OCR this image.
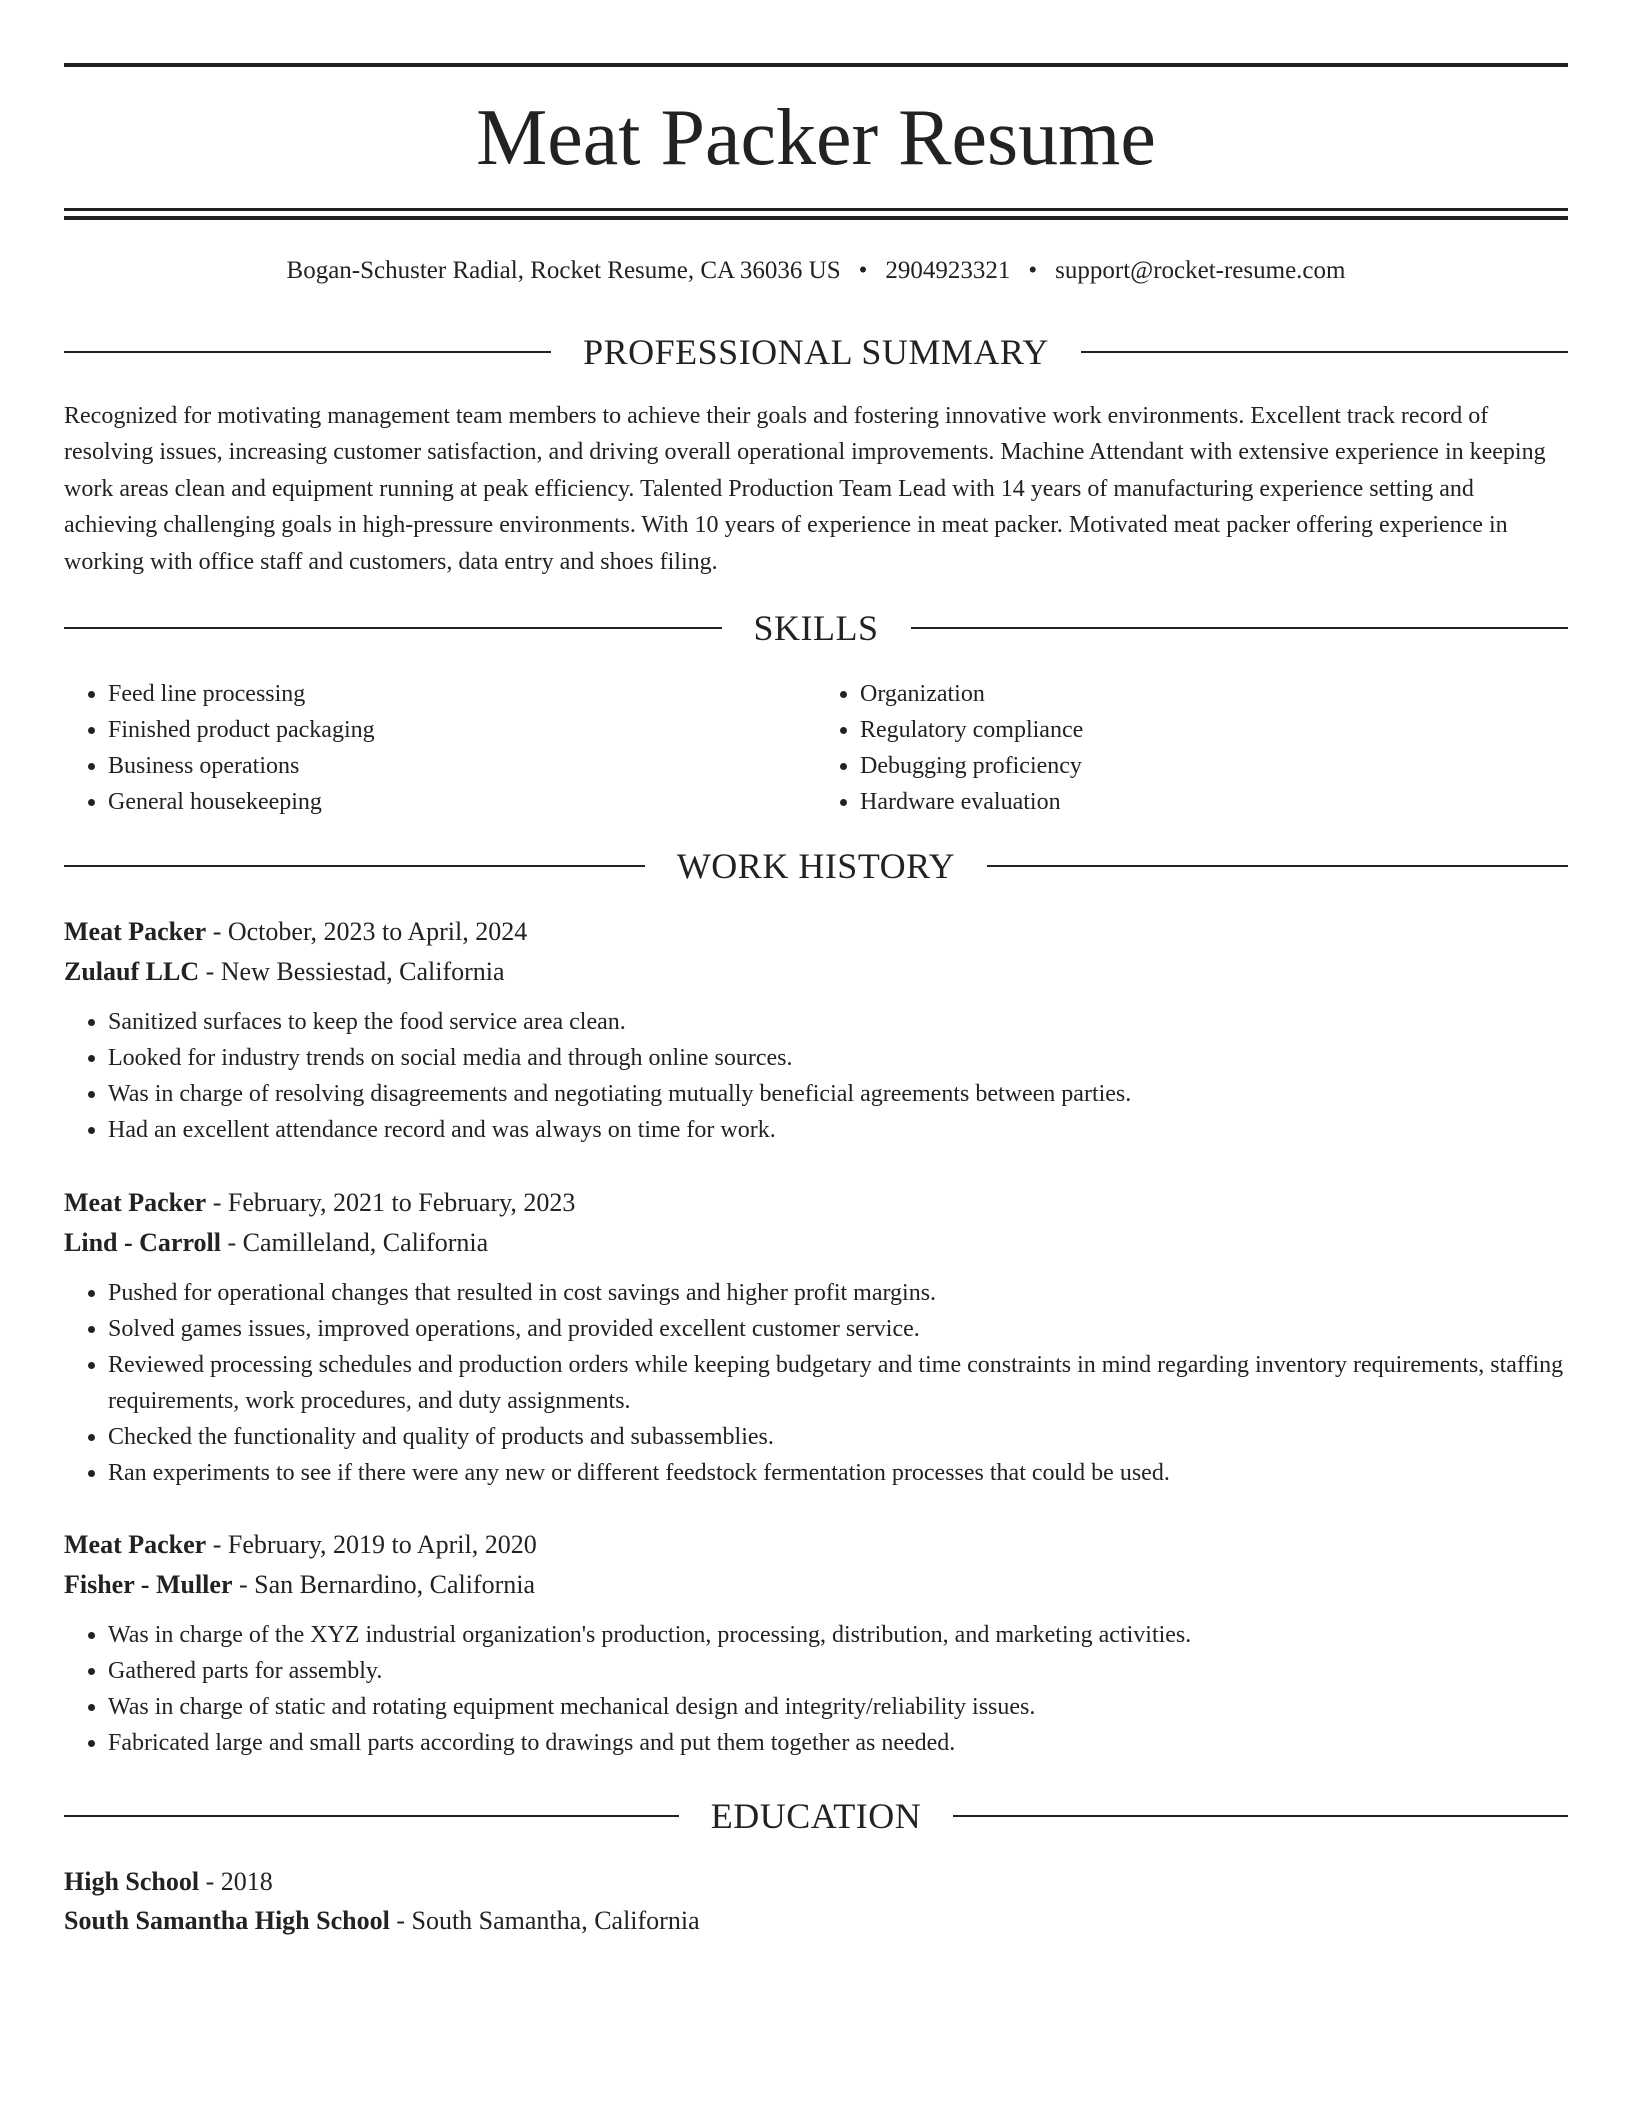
Meat Packer Resume
Bogan-Schuster Radial, Rocket Resume, CA 36036 US • 2904923321 • support@rocket-resume.com
PROFESSIONAL SUMMARY

Recognized for motivating management team members to achieve their goals and fostering innovative work environments. Excellent track record of resolving issues, increasing customer satisfaction, and driving overall operational improvements. Machine Attendant with extensive experience in keeping work areas clean and equipment running at peak efficiency. Talented Production Team Lead with 14 years of manufacturing experience setting and achieving challenging goals in high-pressure environments. With 10 years of experience in meat packer. Motivated meat packer offering experience in working with office staff and customers, data entry and shoes filing.

SKILLS
• Feed line processing
• Finished product packaging
• Business operations
• General housekeeping
• Organization
• Regulatory compliance
• Debugging proficiency
• Hardware evaluation
WORK HISTORY
Meat Packer - October, 2023 to April, 2024
Zulauf LLC - New Bessiestad, California
• Sanitized surfaces to keep the food service area clean.
• Looked for industry trends on social media and through online sources.
• Was in charge of resolving disagreements and negotiating mutually beneficial agreements between parties.
• Had an excellent attendance record and was always on time for work.
Meat Packer - February, 2021 to February, 2023
Lind - Carroll - Camilleland, California
• Pushed for operational changes that resulted in cost savings and higher profit margins.
• Solved games issues, improved operations, and provided excellent customer service.
• Reviewed processing schedules and production orders while keeping budgetary and time constraints in mind regarding inventory requirements, staffing requirements, work procedures, and duty assignments.
• Checked the functionality and quality of products and subassemblies.
• Ran experiments to see if there were any new or different feedstock fermentation processes that could be used.
Meat Packer - February, 2019 to April, 2020
Fisher - Muller - San Bernardino, California
• Was in charge of the XYZ industrial organization's production, processing, distribution, and marketing activities.
• Gathered parts for assembly.
• Was in charge of static and rotating equipment mechanical design and integrity/reliability issues.
• Fabricated large and small parts according to drawings and put them together as needed.
EDUCATION
High School - 2018
South Samantha High School - South Samantha, California
